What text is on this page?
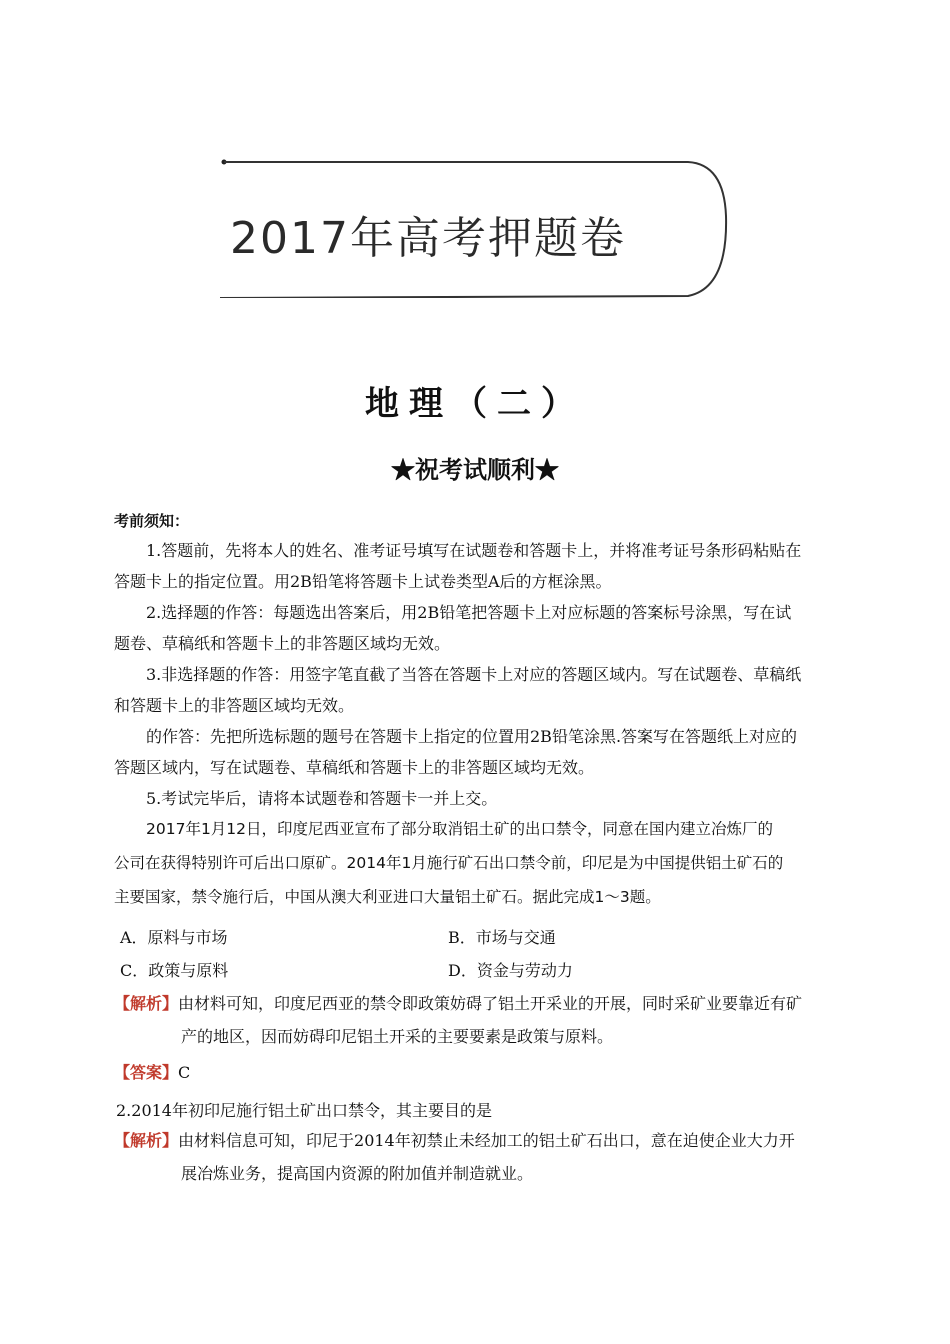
2017年高考押题卷
地理（二）
★祝考试顺利★
考前须知：
1.答题前，先将本人的姓名、准考证号填写在试题卷和答题卡上，并将准考证号条形码粘贴在
答题卡上的指定位置。用2B铅笔将答题卡上试卷类型A后的方框涂黑。
2.选择题的作答：每题选出答案后，用2B铅笔把答题卡上对应标题的答案标号涂黑，写在试
题卷、草稿纸和答题卡上的非答题区域均无效。
3.非选择题的作答：用签字笔直截了当答在答题卡上对应的答题区域内。写在试题卷、草稿纸
和答题卡上的非答题区域均无效。
的作答：先把所选标题的题号在答题卡上指定的位置用2B铅笔涂黑.答案写在答题纸上对应的
答题区域内，写在试题卷、草稿纸和答题卡上的非答题区域均无效。
5.考试完毕后，请将本试题卷和答题卡一并上交。
2017年1月12日，印度尼西亚宣布了部分取消铝土矿的出口禁令，同意在国内建立冶炼厂的
公司在获得特别许可后出口原矿。2014年1月施行矿石出口禁令前，印尼是为中国提供铝土矿石的
主要国家，禁令施行后，中国从澳大利亚进口大量铝土矿石。据此完成1～3题。
A．原料与市场	B．市场与交通
C．政策与原料	D．资金与劳动力
【解析】由材料可知，印度尼西亚的禁令即政策妨碍了铝土开采业的开展，同时采矿业要靠近有矿
产的地区，因而妨碍印尼铝土开采的主要要素是政策与原料。
【答案】C
2.2014年初印尼施行铝土矿出口禁令，其主要目的是
【解析】由材料信息可知，印尼于2014年初禁止未经加工的铝土矿石出口，意在迫使企业大力开
展冶炼业务，提高国内资源的附加值并制造就业。
